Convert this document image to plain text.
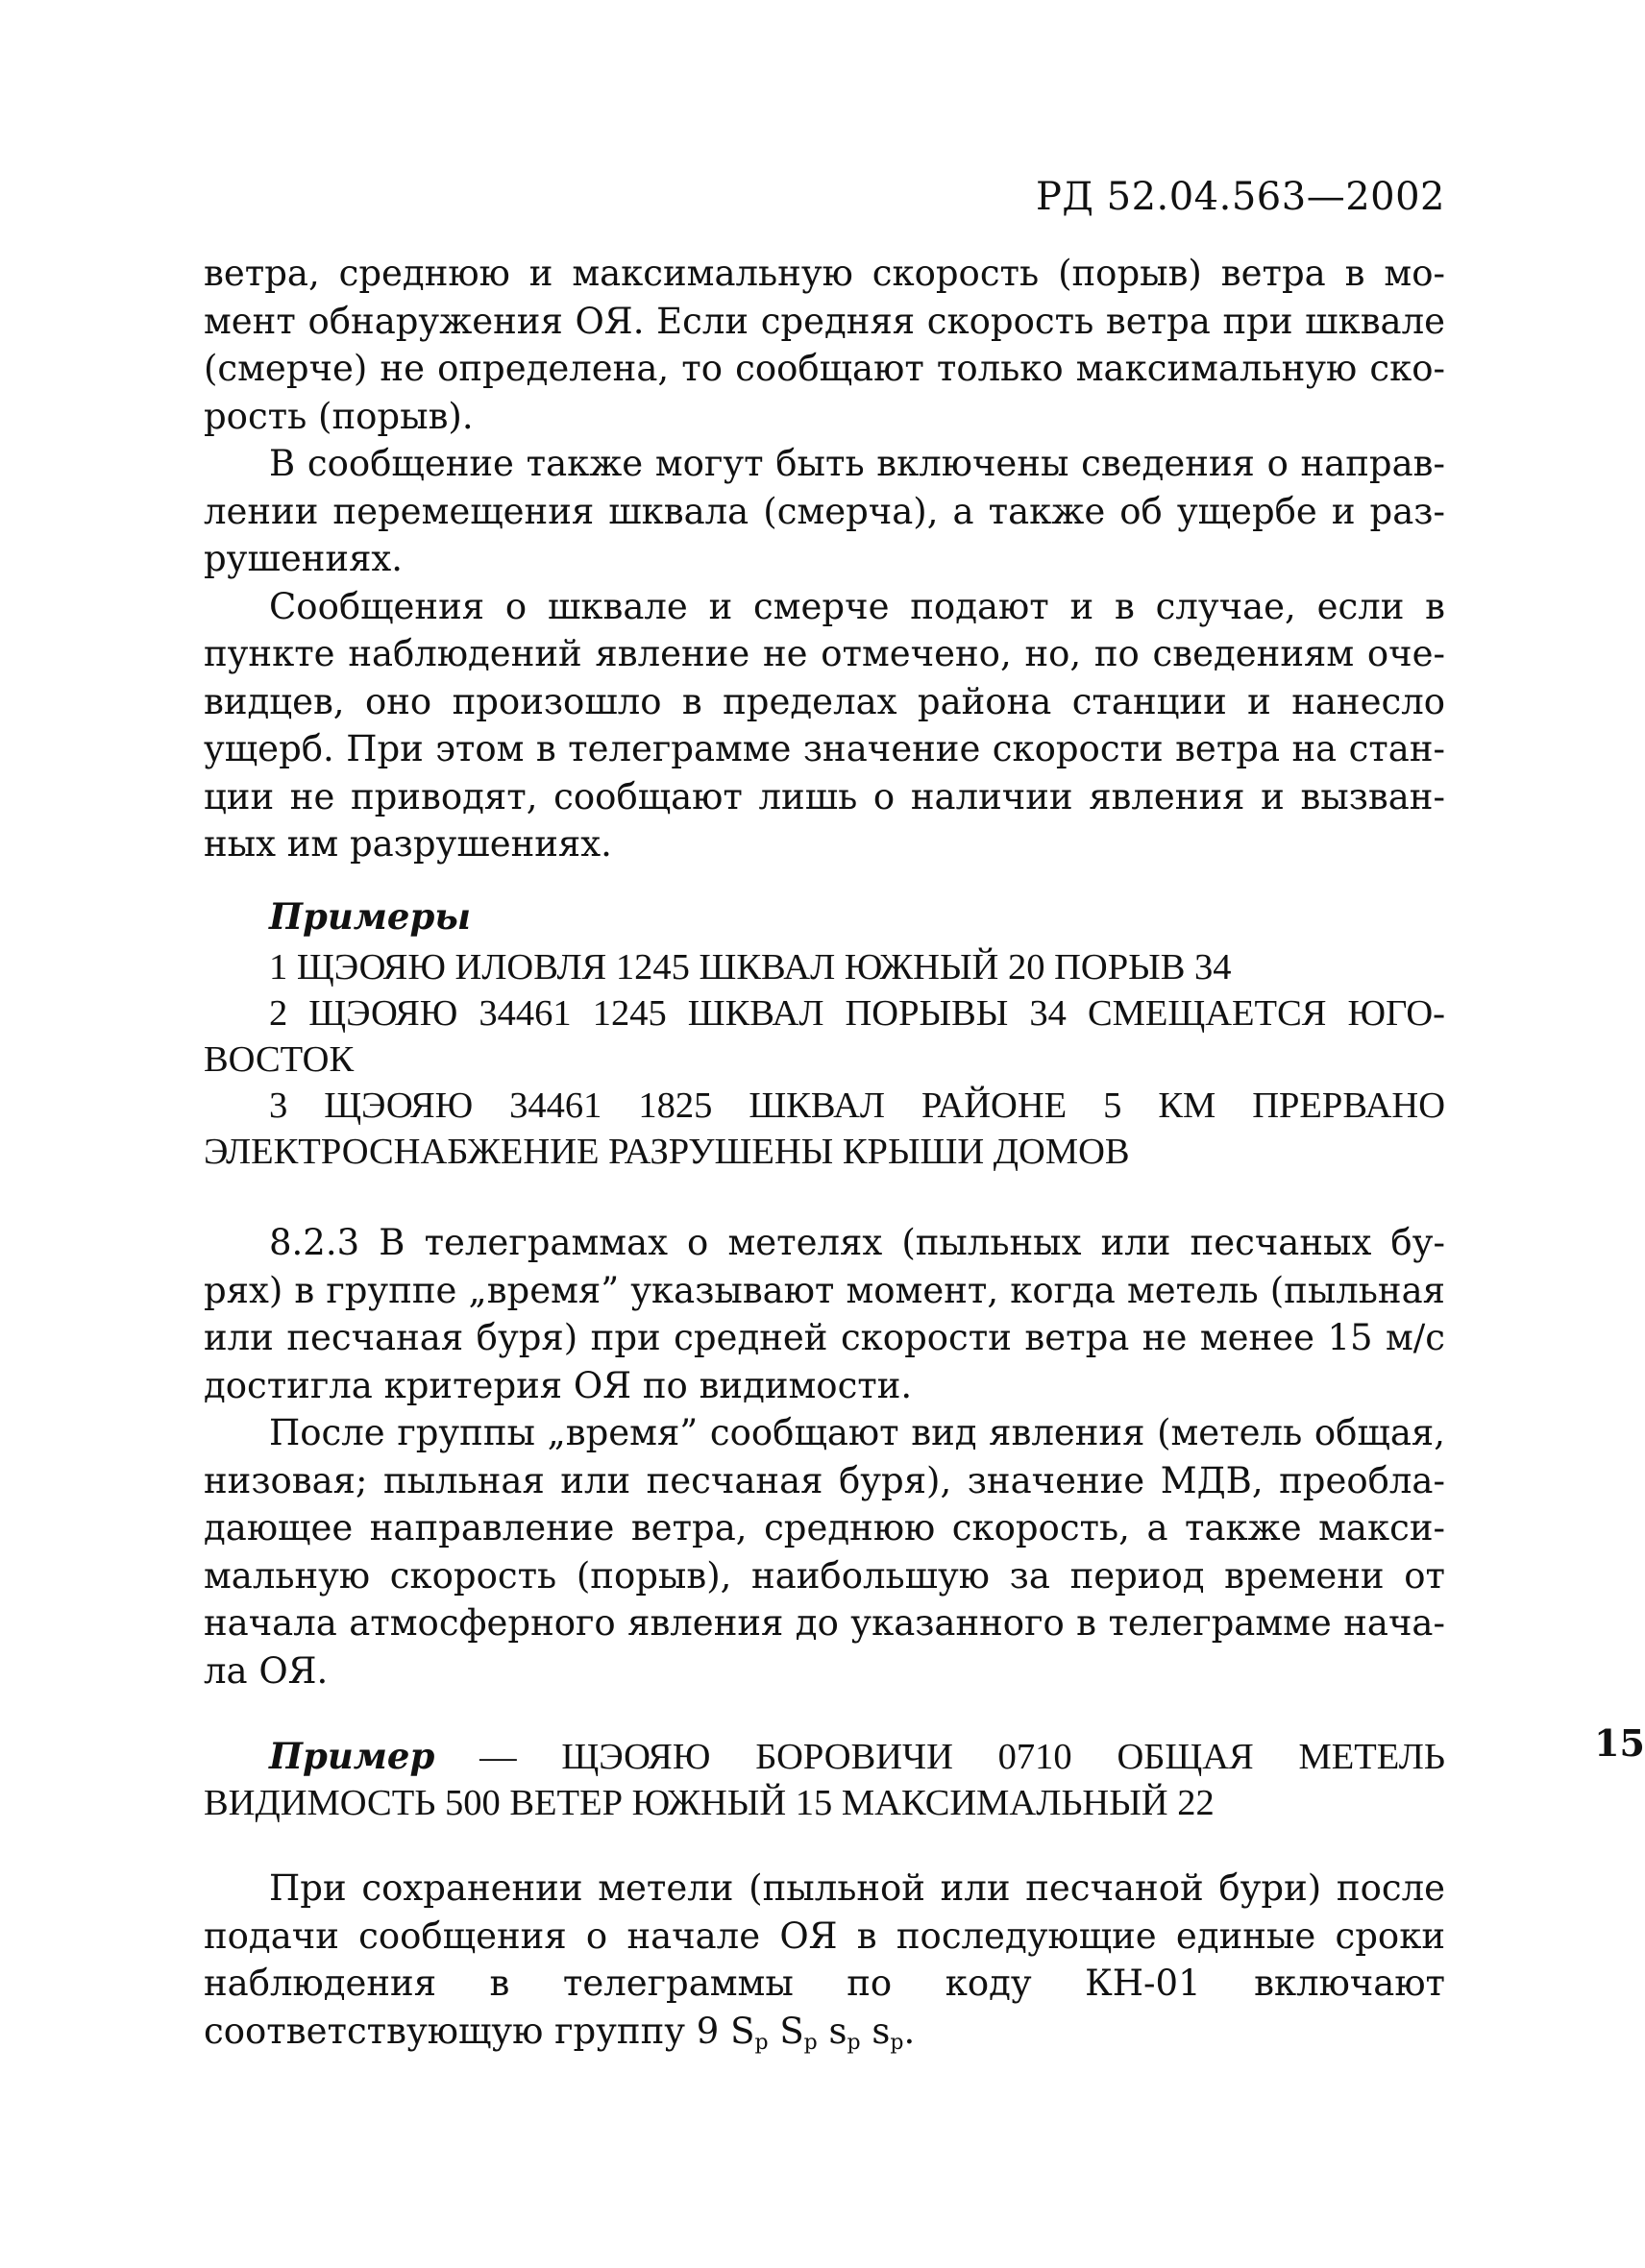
РД 52.04.563—2002

ветра, среднюю и максимальную скорость (порыв) ветра в момент обнаружения ОЯ. Если средняя скорость ветра при шквале (смерче) не определена, то сообщают только максимальную скорость (порыв).

В сообщение также могут быть включены сведения о направлении перемещения шквала (смерча), а также об ущербе и разрушениях.

Сообщения о шквале и смерче подают и в случае, если в пункте наблюдений явление не отмечено, но, по сведениям очевидцев, оно произошло в пределах района станции и нанесло ущерб. При этом в телеграмме значение скорости ветра на станции не приводят, сообщают лишь о наличии явления и вызванных им разрушениях.

Примеры

1 ЩЭОЯЮ ИЛОВЛЯ 1245 ШКВАЛ ЮЖНЫЙ 20 ПОРЫВ 34

2 ЩЭОЯЮ 34461 1245 ШКВАЛ ПОРЫВЫ 34 СМЕЩАЕТСЯ ЮГОВОСТОК

3 ЩЭОЯЮ 34461 1825 ШКВАЛ РАЙОНЕ 5 КМ ПРЕРВАНО ЭЛЕКТРОСНАБЖЕНИЕ РАЗРУШЕНЫ КРЫШИ ДОМОВ

8.2.3 В телеграммах о метелях (пыльных или песчаных бурях) в группе „время” указывают момент, когда метель (пыльная или песчаная буря) при средней скорости ветра не менее 15 м/с достигла критерия ОЯ по видимости.

После группы „время” сообщают вид явления (метель общая, низовая; пыльная или песчаная буря), значение МДВ, преобладающее направление ветра, среднюю скорость, а также максимальную скорость (порыв), наибольшую за период времени от начала атмосферного явления до указанного в телеграмме начала ОЯ.

Пример — ЩЭОЯЮ БОРОВИЧИ 0710 ОБЩАЯ МЕТЕЛЬ ВИДИМОСТЬ 500 ВЕТЕР ЮЖНЫЙ 15 МАКСИМАЛЬНЫЙ 22

При сохранении метели (пыльной или песчаной бури) после подачи сообщения о начале ОЯ в последующие единые сроки наблюдения в телеграммы по коду КН-01 включают соответствующую группу 9 $S_p$ $S_p$ $s_p$ $s_p$.

15
